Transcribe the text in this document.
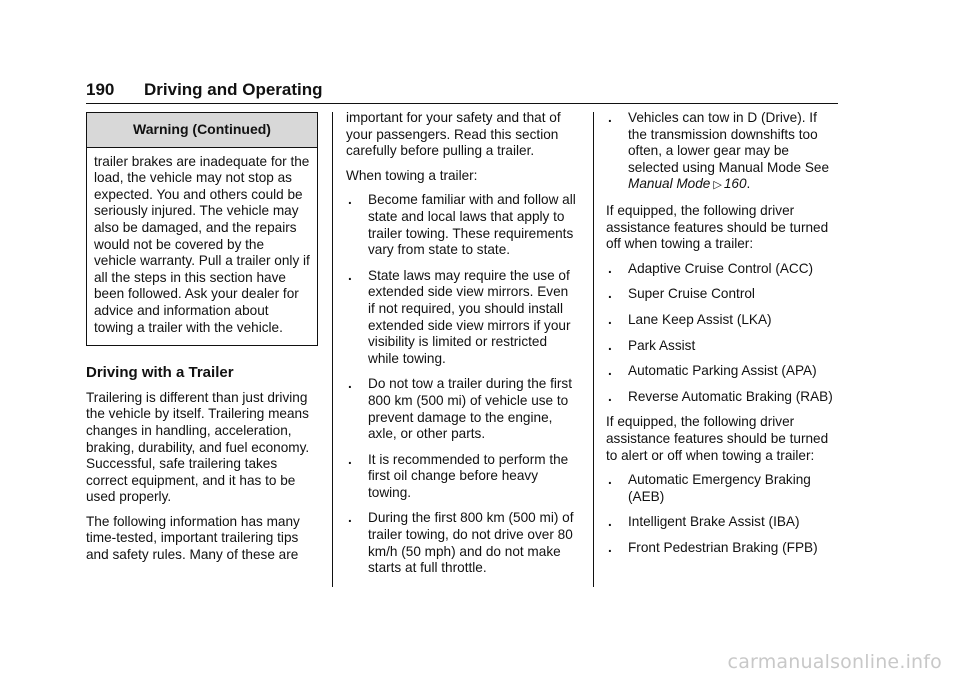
190 Driving and Operating
Warning (Continued)
trailer brakes are inadequate for the load, the vehicle may not stop as expected. You and others could be seriously injured. The vehicle may also be damaged, and the repairs would not be covered by the vehicle warranty. Pull a trailer only if all the steps in this section have been followed. Ask your dealer for advice and information about towing a trailer with the vehicle.
Driving with a Trailer

Trailering is different than just driving the vehicle by itself. Trailering means changes in handling, acceleration, braking, durability, and fuel economy. Successful, safe trailering takes correct equipment, and it has to be used properly.

The following information has many time-tested, important trailering tips and safety rules. Many of these are

important for your safety and that of your passengers. Read this section carefully before pulling a trailer.

When towing a trailer:

. Become familiar with and follow all state and local laws that apply to trailer towing. These requirements vary from state to state.
. State laws may require the use of extended side view mirrors. Even if not required, you should install extended side view mirrors if your visibility is limited or restricted while towing.
. Do not tow a trailer during the first 800 km (500 mi) of vehicle use to prevent damage to the engine, axle, or other parts.
. It is recommended to perform the first oil change before heavy towing.
. During the first 800 km (500 mi) of trailer towing, do not drive over 80 km/h (50 mph) and do not make starts at full throttle.
. Vehicles can tow in D (Drive). If the transmission downshifts too often, a lower gear may be selected using Manual Mode See Manual Mode ▷ 160.

If equipped, the following driver assistance features should be turned off when towing a trailer:

. Adaptive Cruise Control (ACC)
. Super Cruise Control
. Lane Keep Assist (LKA)
. Park Assist
. Automatic Parking Assist (APA)
. Reverse Automatic Braking (RAB)

If equipped, the following driver assistance features should be turned to alert or off when towing a trailer:

. Automatic Emergency Braking (AEB)
. Intelligent Brake Assist (IBA)
. Front Pedestrian Braking (FPB)
carmanualsonline.info
